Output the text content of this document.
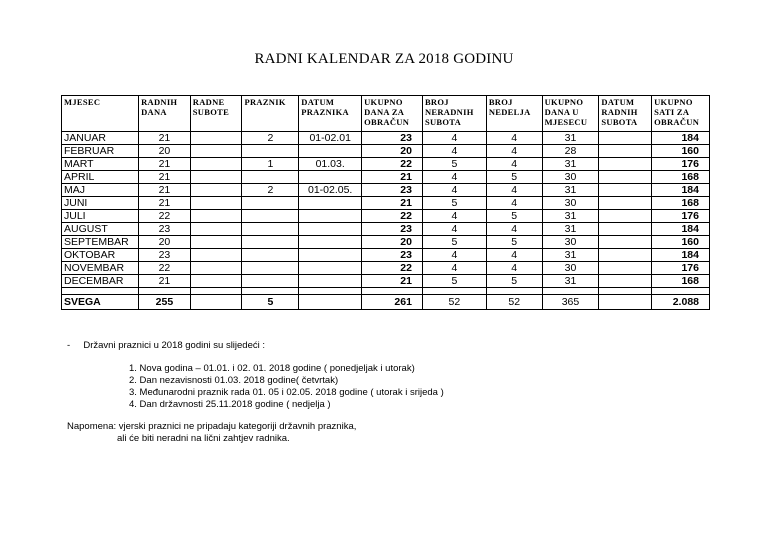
RADNI KALENDAR ZA 2018 GODINU
MJESEC	RADNIH DANA	RADNE SUBOTE	PRAZNIK	DATUM PRAZNIKA	UKUPNO DANA ZA OBRAČUN	BROJ NERADNIH SUBOTA	BROJ NEDELJA	UKUPNO DANA U MJESECU	DATUM RADNIH SUBOTA	UKUPNO SATI ZA OBRAČUN
JANUAR	21		2	01-02.01	23	4	4	31		184
FEBRUAR	20				20	4	4	28		160
MART	21		1	01.03.	22	5	4	31		176
APRIL	21				21	4	5	30		168
MAJ	21		2	01-02.05.	23	4	4	31		184
JUNI	21				21	5	4	30		168
JULI	22				22	4	5	31		176
AUGUST	23				23	4	4	31		184
SEPTEMBAR	20				20	5	5	30		160
OKTOBAR	23				23	4	4	31		184
NOVEMBAR	22				22	4	4	30		176
DECEMBAR	21				21	5	5	31		168

SVEGA	255		5		261	52	52	365		2.088
-     Državni praznici u 2018 godini su slijedeći :
1. Nova godina – 01.01. i 02. 01. 2018 godine ( ponedjeljak i utorak)
2. Dan nezavisnosti 01.03. 2018 godine( četvrtak)
3. Međunarodni praznik rada 01. 05 i 02.05. 2018 godine ( utorak i srijeda )
4. Dan državnosti 25.11.2018 godine ( nedjelja )
Napomena: vjerski praznici ne pripadaju kategoriji državnih praznika,
ali će biti neradni na lični zahtjev radnika.
